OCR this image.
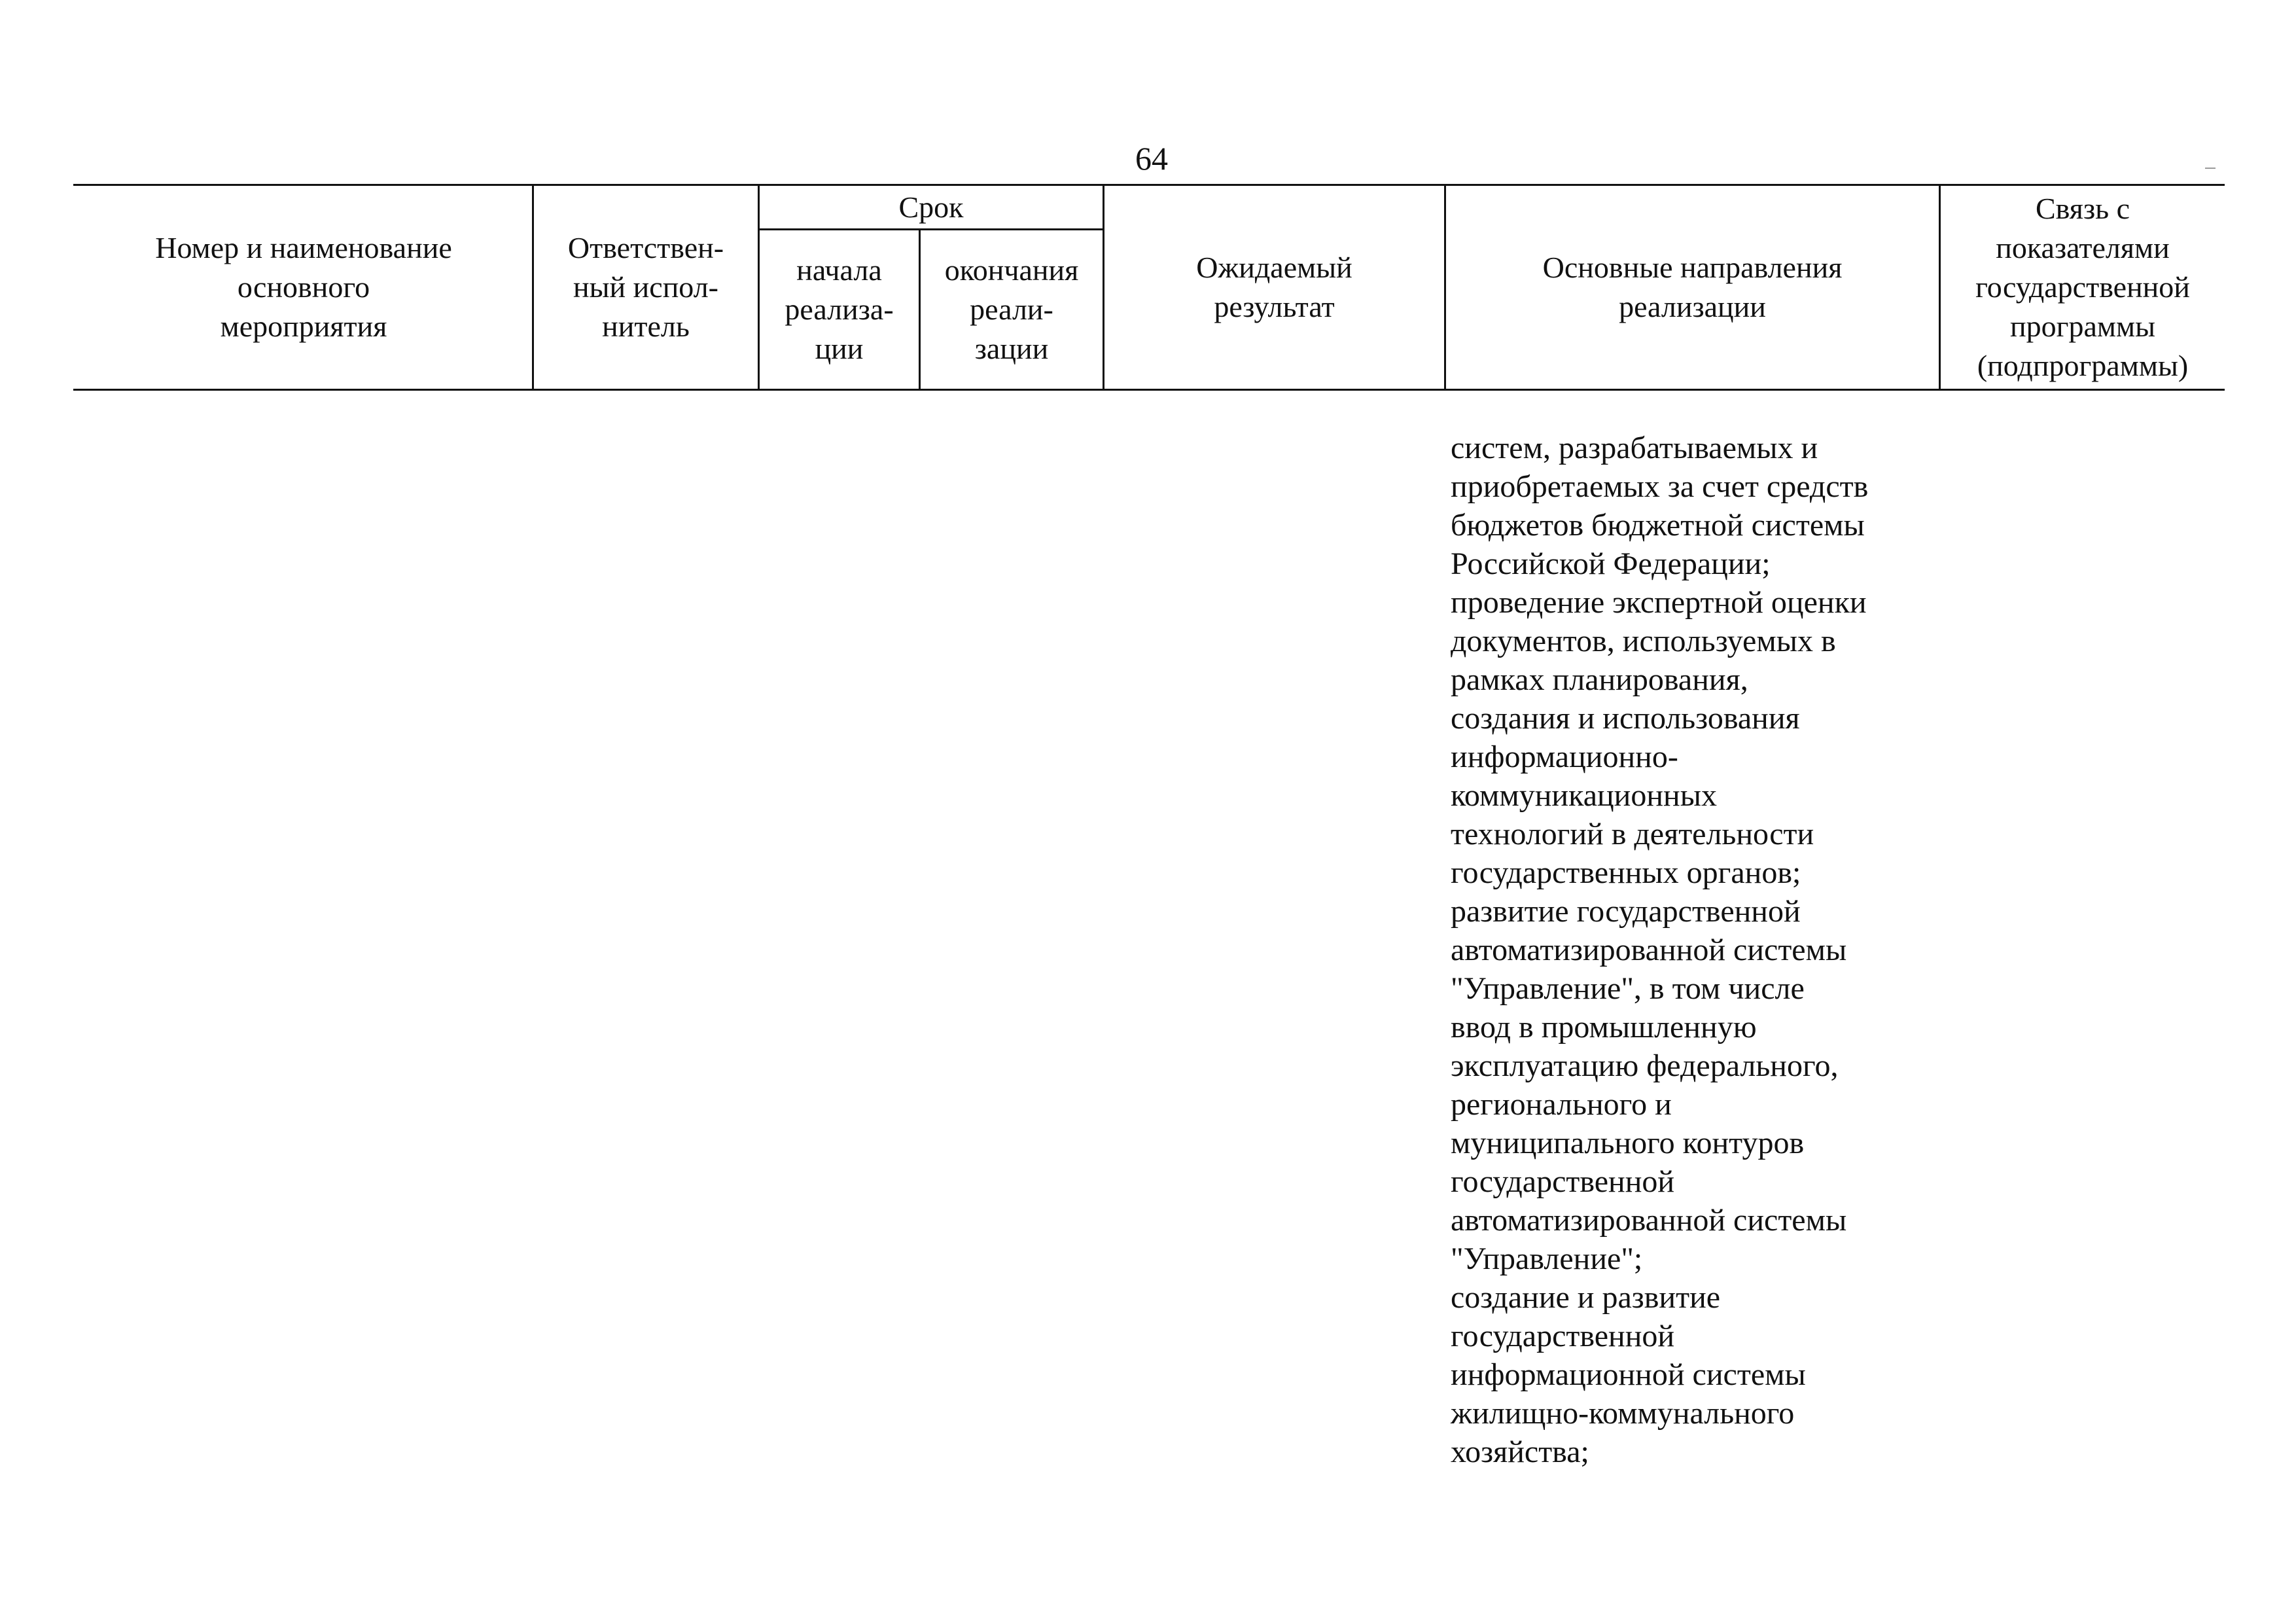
64
Номер и наименование
основного
мероприятия
Ответствен-
ный испол-
нитель
Срок
начала
реализа-
ции
окончания
реали-
зации
Ожидаемый
результат
Основные направления
реализации
Связь с
показателями
государственной
программы
(подпрограммы)
систем, разрабатываемых и
приобретаемых за счет средств
бюджетов бюджетной системы
Российской Федерации;
проведение экспертной оценки
документов, используемых в
рамках планирования,
создания и использования
информационно-
коммуникационных
технологий в деятельности
государственных органов;
развитие государственной
автоматизированной системы
"Управление", в том числе
ввод в промышленную
эксплуатацию федерального,
регионального и
муниципального контуров
государственной
автоматизированной системы
"Управление";
создание и развитие
государственной
информационной системы
жилищно-коммунального
хозяйства;
